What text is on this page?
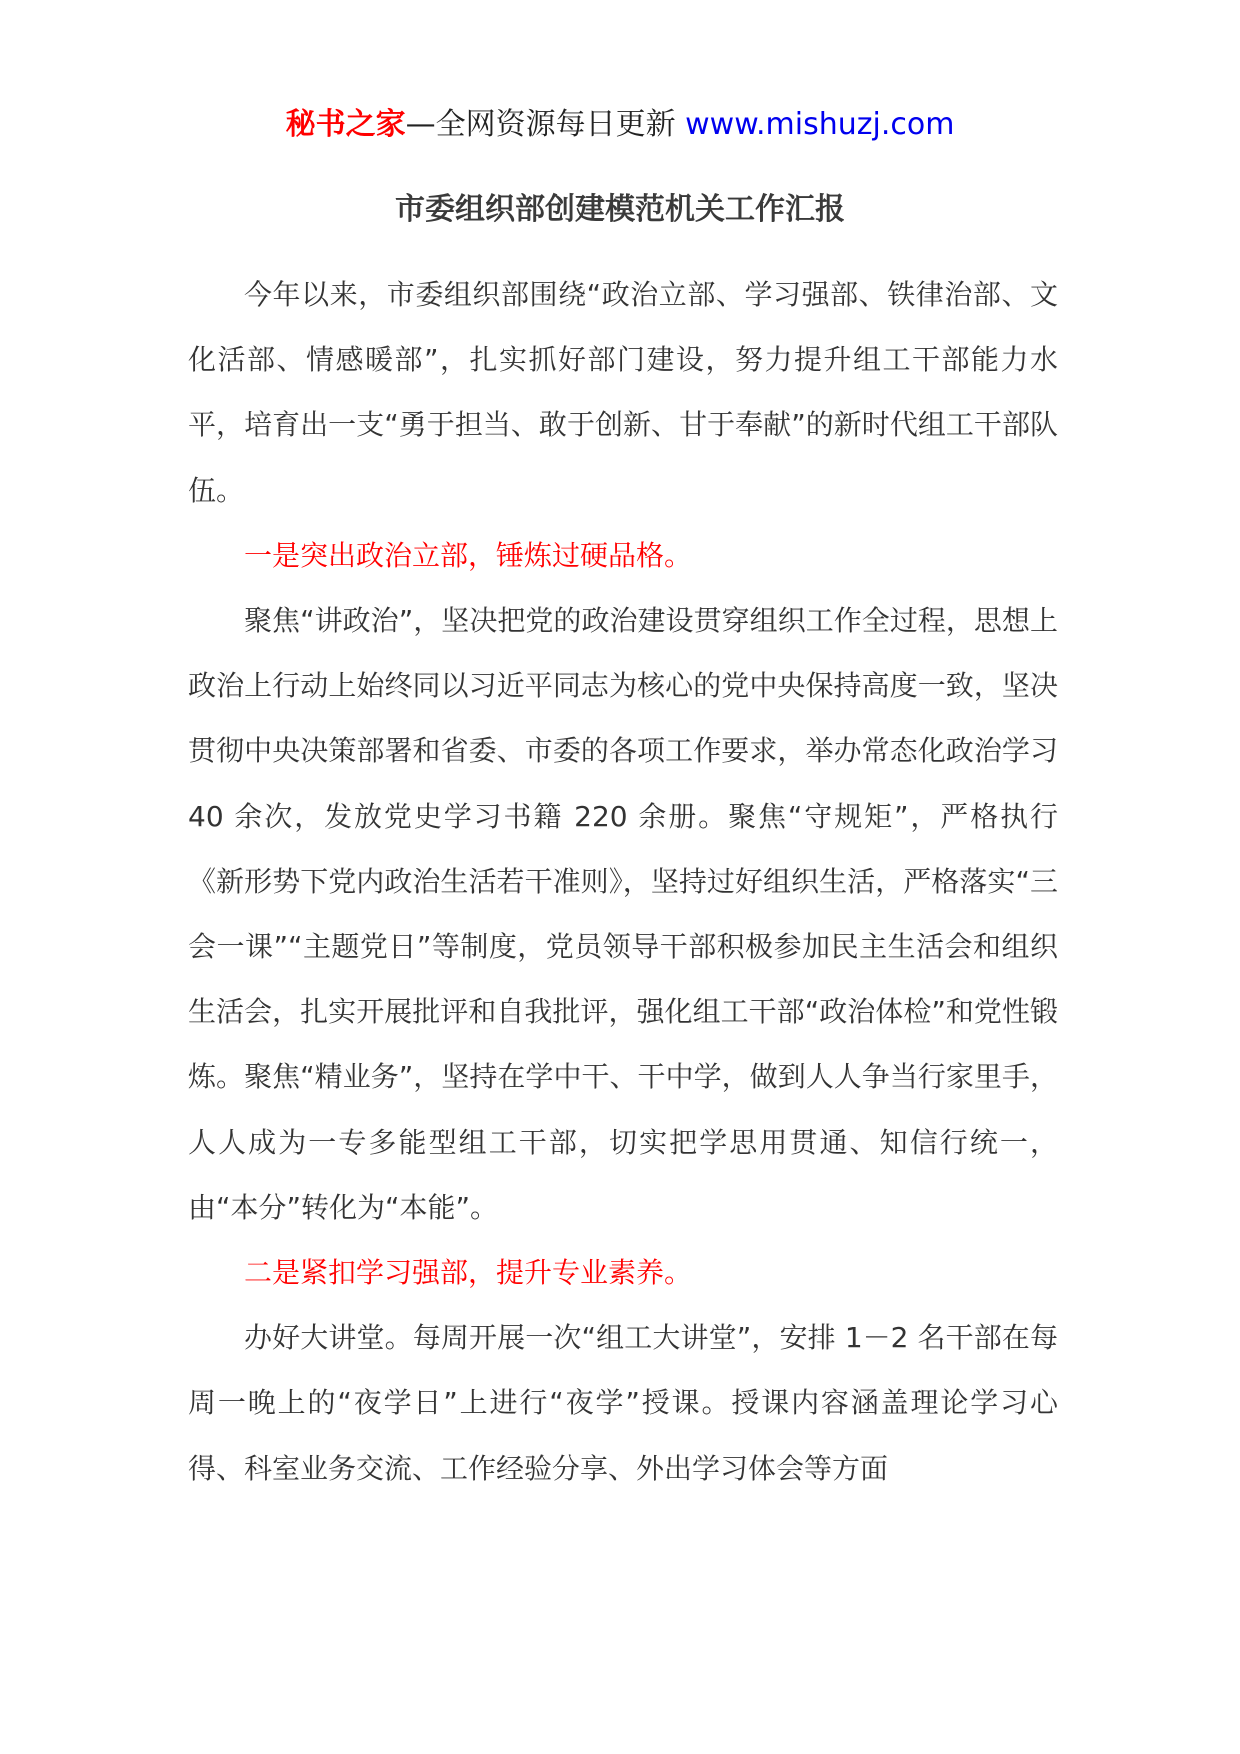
秘书之家—全网资源每日更新 www.mishuzj.com
市委组织部创建模范机关工作汇报

今年以来，市委组织部围绕“政治立部、学习强部、铁律治部、文化活部、情感暖部”，扎实抓好部门建设，努力提升组工干部能力水平，培育出一支“勇于担当、敢于创新、甘于奉献”的新时代组工干部队伍。

一是突出政治立部，锤炼过硬品格。

聚焦“讲政治”，坚决把党的政治建设贯穿组织工作全过程，思想上政治上行动上始终同以习近平同志为核心的党中央保持高度一致，坚决贯彻中央决策部署和省委、市委的各项工作要求，举办常态化政治学习 40 余次，发放党史学习书籍 220 余册。聚焦“守规矩”，严格执行《新形势下党内政治生活若干准则》，坚持过好组织生活，严格落实“三会一课”“主题党日”等制度，党员领导干部积极参加民主生活会和组织生活会，扎实开展批评和自我批评，强化组工干部“政治体检”和党性锻炼。聚焦“精业务”，坚持在学中干、干中学，做到人人争当行家里手，人人成为一专多能型组工干部，切实把学思用贯通、知信行统一，由“本分”转化为“本能”。

二是紧扣学习强部，提升专业素养。

办好大讲堂。每周开展一次“组工大讲堂”，安排 1－2 名干部在每周一晚上的“夜学日”上进行“夜学”授课。授课内容涵盖理论学习心得、科室业务交流、工作经验分享、外出学习体会等方面
